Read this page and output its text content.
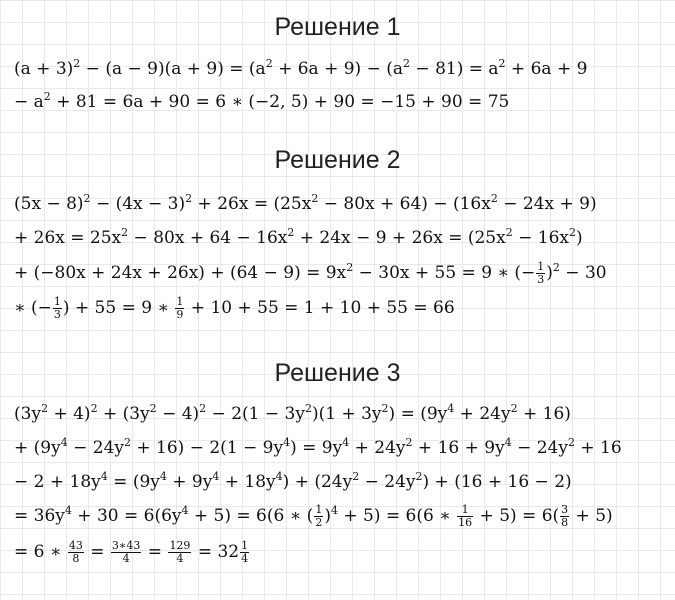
Решение 1
$(a + 3)^2 - (a - 9)(a + 9) = (a^2 + 6a + 9) - (a^2 - 81) = a^2 + 6a + 9$
− $a^2 + 81 = 6a + 90 = 6$ ∗ (−2, 5) + 90 = −15 + 90 = 75
Решение 2
$(5x - 8)^2 - (4x - 3)^2 + 26x = (25x^2 - 80x + 64) - (16x^2 - 24x + 9)$
+ $26x = 25x^2 - 80x + 64 - 16x^2 + 24x - 9 + 26x = (25x^2 - 16x^2)$
+ $(-80x + 24x + 26x) + (64 - 9) = 9x^2 - 30x + 55 = 9$ ∗ (− $\frac{1}{3} )^2 - 30$
∗ (− $\frac{1}{3}$ ) + 55 = 9 ∗ $\frac{1}{9} + 10 + 55 = 1 + 10 + 55 = 66$
Решение 3
$(3y^2 + 4)^2 + (3y^2 - 4)^2 - 2(1 - 3y^2)(1 + 3y^2) = (9y^4 + 24y^2 + 16)$
+ $(9y^4 - 24y^2 + 16) - 2(1 - 9y^4) = 9y^4 + 24y^2 + 16 + 9y^4 - 24y^2 + 16$
− $2 + 18y^4 = (9y^4 + 9y^4 + 18y^4) + (24y^2 - 24y^2) + (16 + 16 - 2)$
= $36y^4 + 30 = 6(6y^4 + 5) = 6(6$ ∗ ( $\frac{1}{2} )^4 + 5) = 6(6$ ∗ $\frac{1}{16} + 5) = 6( \frac{3}{8} + 5)$
= 6 ∗ $\frac{43}{8} = \frac{3∗43}{4} = \frac{129}{4} = 32 \frac{1}{4}$
